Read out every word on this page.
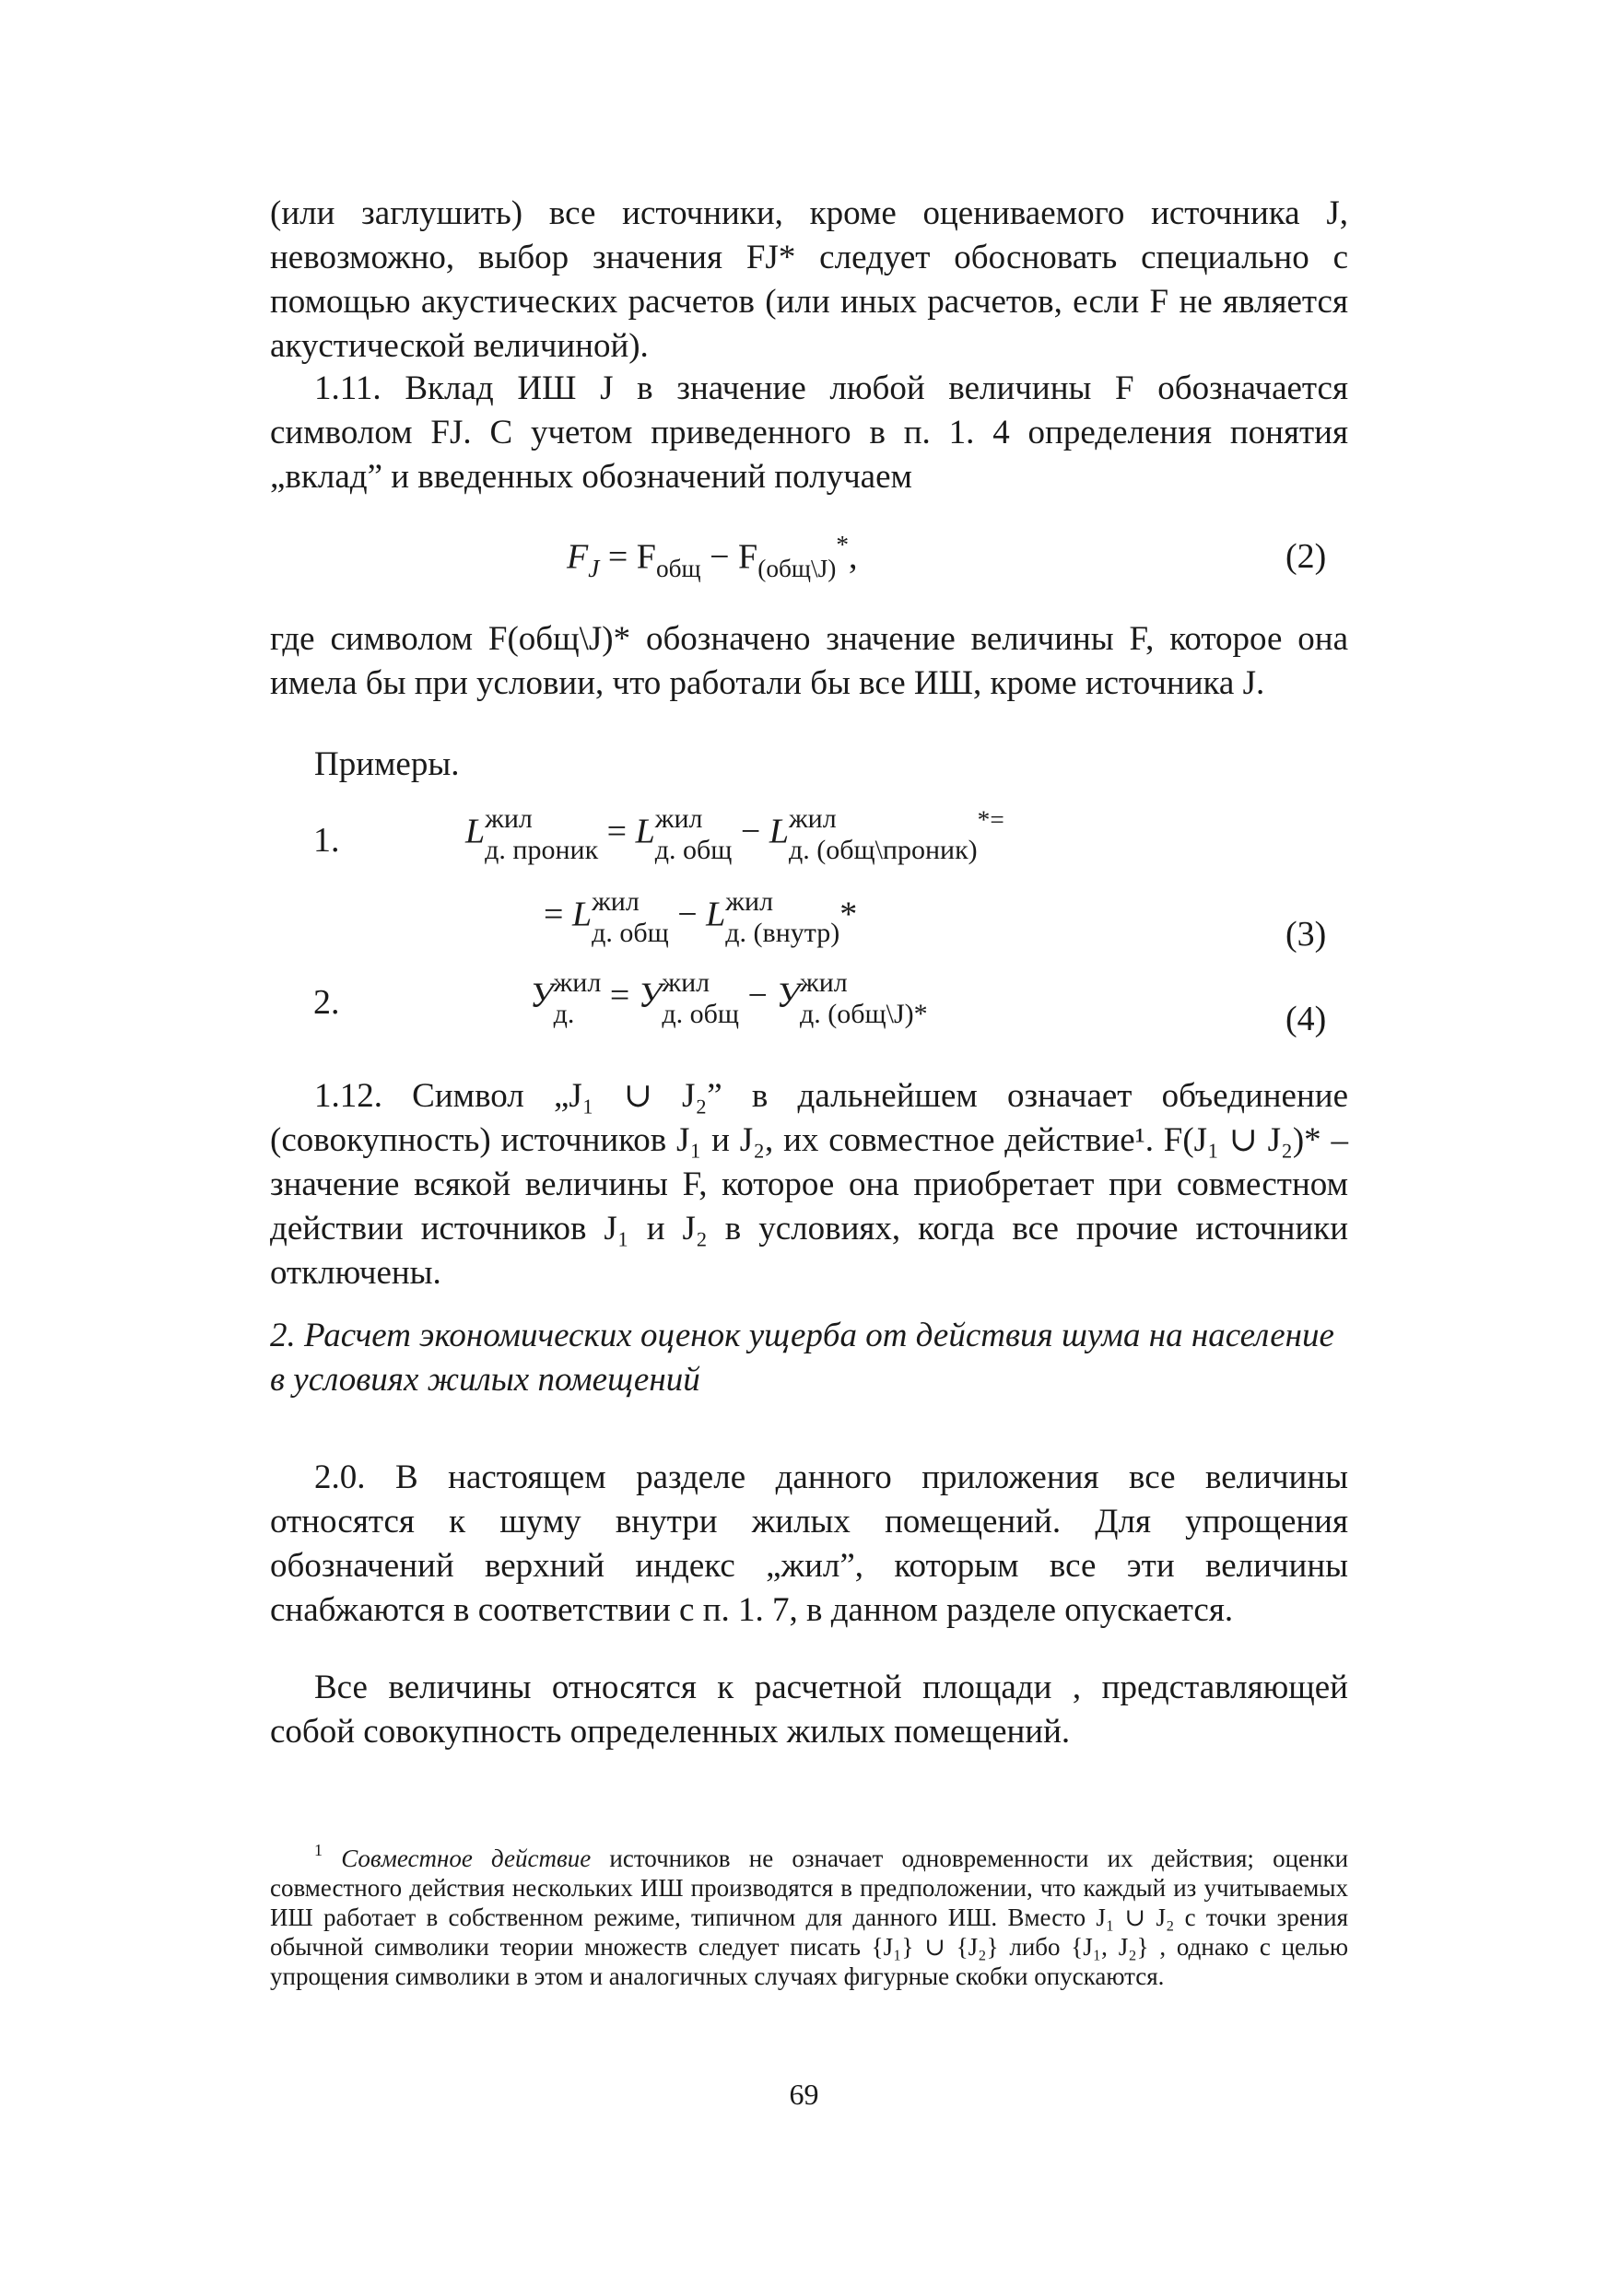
(или заглушить) все источники, кроме оцениваемого источника J, невозможно, выбор значения FJ* следует обосновать специально с помощью акустических расчетов (или иных расчетов, если F не является акустической величиной).

1.11. Вклад ИШ J в значение любой величины F обозначается символом FJ. С учетом приведенного в п. 1. 4 определения понятия „вклад” и введенных обозначений получаем

$F_J = F_{общ} - F_{(общ\backslash J)}^*$,	(2)

где символом F(общ\J)* обозначено значение величины F, которое она имела бы при условии, что работали бы все ИШ, кроме источника J.

Примеры.

1.	L жил
д. проник = L жил
д. общ − L жил
д. (общ\проник)
*=
= L жил
д. общ − L жил
д. (внутр) *
(3)
2.	У жил
д.	= У жил
д. общ − У жил
д. (общ\J)*	(4)

1.12. Символ „J₁ ∪ J₂” в дальнейшем означает объединение (совокупность) источников J₁ и J₂, их совместное действие¹. F(J₁ ∪ J₂)* – значение всякой величины F, которое она приобретает при совместном действии источников J₁ и J₂ в условиях, когда все прочие источники отключены.

2. Расчет экономических оценок ущерба от действия шума на население в условиях жилых помещений

2.0. В настоящем разделе данного приложения все величины относятся к шуму внутри жилых помещений. Для упрощения обозначений верхний индекс „жил”, которым все эти величины снабжаются в соответствии с п. 1. 7, в данном разделе опускается.

Все величины относятся к расчетной площади , представляющей собой совокупность определенных жилых помещений.

$^1$ Совместное действие источников не означает одновременности их действия; оценки совместного действия нескольких ИШ производятся в предположении, что каждый из учитываемых ИШ работает в собственном режиме, типичном для данного ИШ. Вместо J₁ ∪ J₂ с точки зрения обычной символики теории множеств следует писать {J₁} ∪ {J₂} либо {J₁, J₂} , однако с целью упрощения символики в этом и аналогичных случаях фигурные скобки опускаются.

69
